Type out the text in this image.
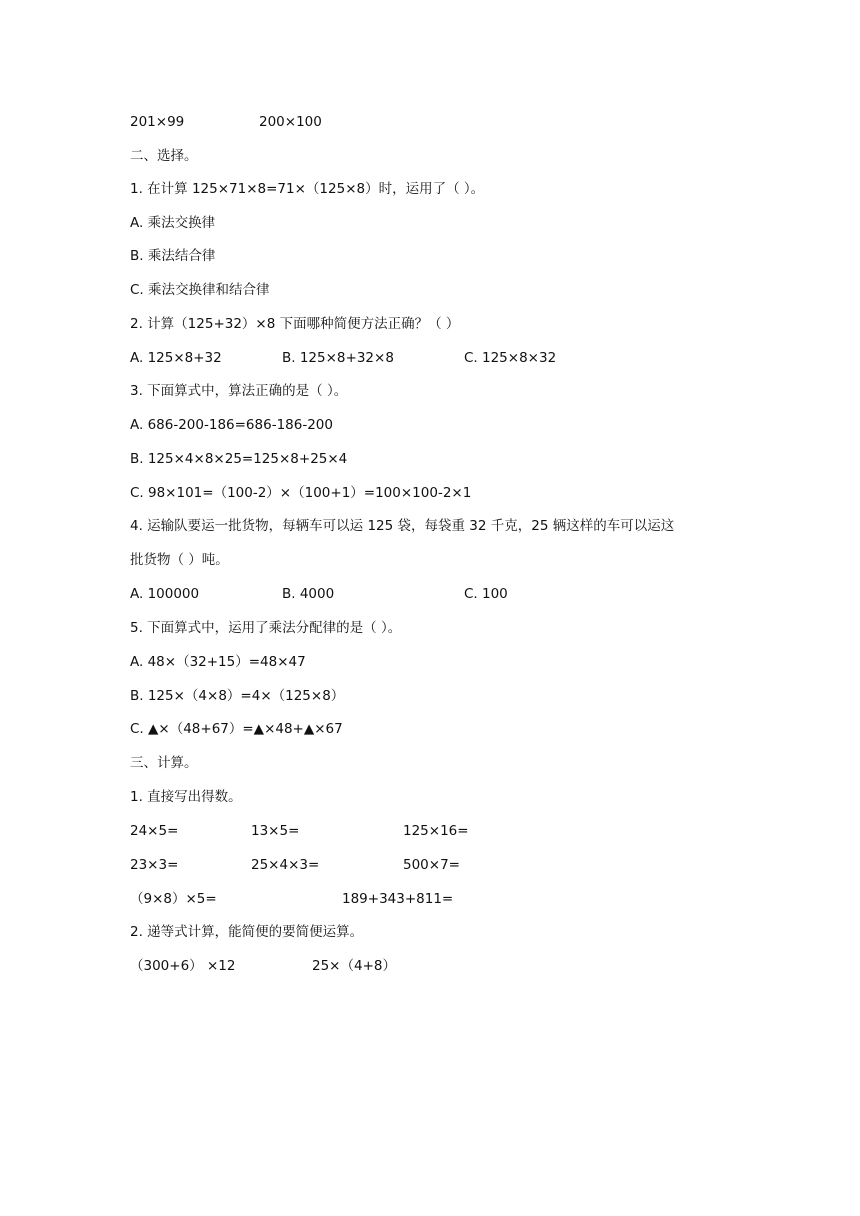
201×99	200×100
二、选择。
1. 在计算 125×71×8=71×（125×8）时，运用了（ ）。
A. 乘法交换律
B. 乘法结合律
C. 乘法交换律和结合律
2. 计算（125+32）×8 下面哪种简便方法正确？（ ）
A. 125×8+32	B. 125×8+32×8	C. 125×8×32
3. 下面算式中，算法正确的是（ ）。
A. 686-200-186=686-186-200
B. 125×4×8×25=125×8+25×4
C. 98×101=（100-2）×（100+1）=100×100-2×1
4. 运输队要运一批货物，每辆车可以运 125 袋，每袋重 32 千克，25 辆这样的车可以运这
批货物（ ）吨。
A. 100000	B. 4000	C. 100
5. 下面算式中，运用了乘法分配律的是（ ）。
A. 48×（32+15）=48×47
B. 125×（4×8）=4×（125×8）
C. ▲×（48+67）=▲×48+▲×67
三、计算。
1. 直接写出得数。
24×5=	13×5=	125×16=
23×3=	25×4×3=	500×7=
（9×8）×5=	189+343+811=
2. 递等式计算，能简便的要简便运算。
（300+6） ×12	25×（4+8）
